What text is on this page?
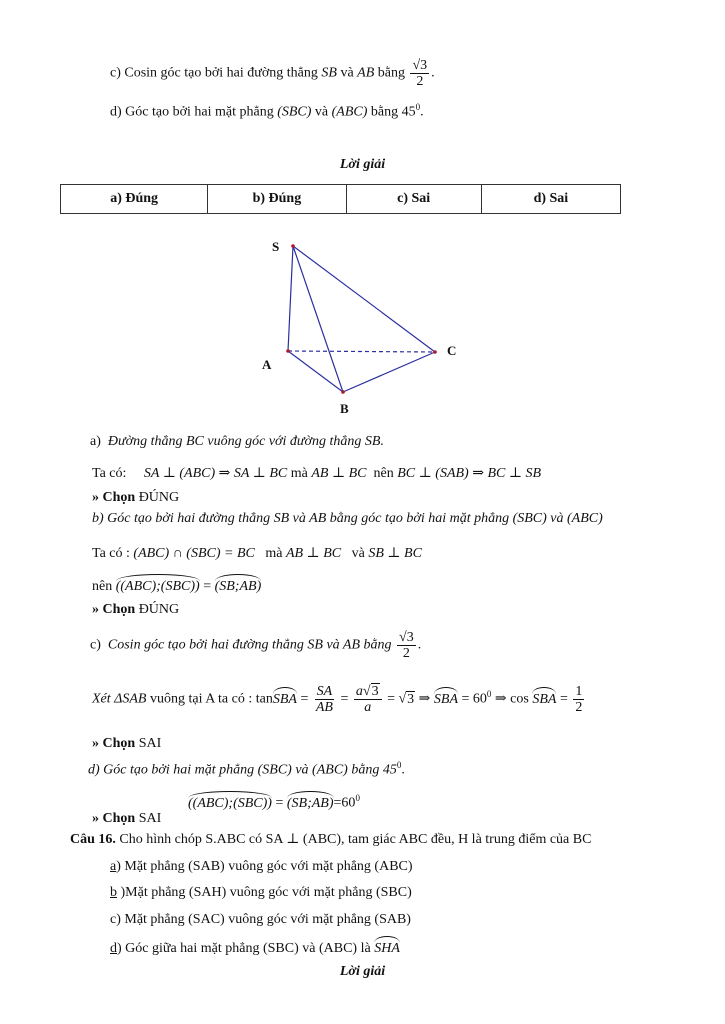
c) Cosin góc tạo bởi hai đường thẳng SB và AB bằng $\frac{√3}{2}$ .
d) Góc tạo bởi hai mặt phẳng (SBC) và (ABC) bằng $45^0$.
Lời giải
a) Đúng	b) Đúng	c) Sai	d) Sai
S
A
B
C
a) Đường thẳng BC vuông góc với đường thẳng SB.
Ta có: SA ⊥ (ABC) ⇒ SA ⊥ BC mà AB ⊥ BC nên BC ⊥ (SAB) ⇒ BC ⊥ SB
» Chọn ĐÚNG
b) Góc tạo bởi hai đường thẳng SB và AB bằng góc tạo bởi hai mặt phẳng (SBC) và (ABC)
Ta có : (ABC) ∩ (SBC) = BC mà AB ⊥ BC và SB ⊥ BC
nên ((ABC);(SBC)) = (SB;AB)
» Chọn ĐÚNG
c) Cosin góc tạo bởi hai đường thẳng SB và AB bằng $\frac{√3}{2}$ .
Xét ΔSAB vuông tại A ta có : tanSBA = $\frac{SA}{AB} = \frac{a√3}{a} = √3$ ⇒ SBA = $60^0$ ⇒ cos SBA = $\frac{1}{2}$
» Chọn SAI
d) Góc tạo bởi hai mặt phẳng (SBC) và (ABC) bằng $45^0$.
((ABC);(SBC)) = $(SB;AB)=60^0$
» Chọn SAI
Câu 16. Cho hình chóp S.ABC có SA ⊥ (ABC), tam giác ABC đều, H là trung điểm của BC
a) Mặt phẳng (SAB) vuông góc với mặt phẳng (ABC)
b )Mặt phẳng (SAH) vuông góc với mặt phẳng (SBC)
c) Mặt phẳng (SAC) vuông góc với mặt phẳng (SAB)
d) Góc giữa hai mặt phẳng (SBC) và (ABC) là SHA
Lời giải
